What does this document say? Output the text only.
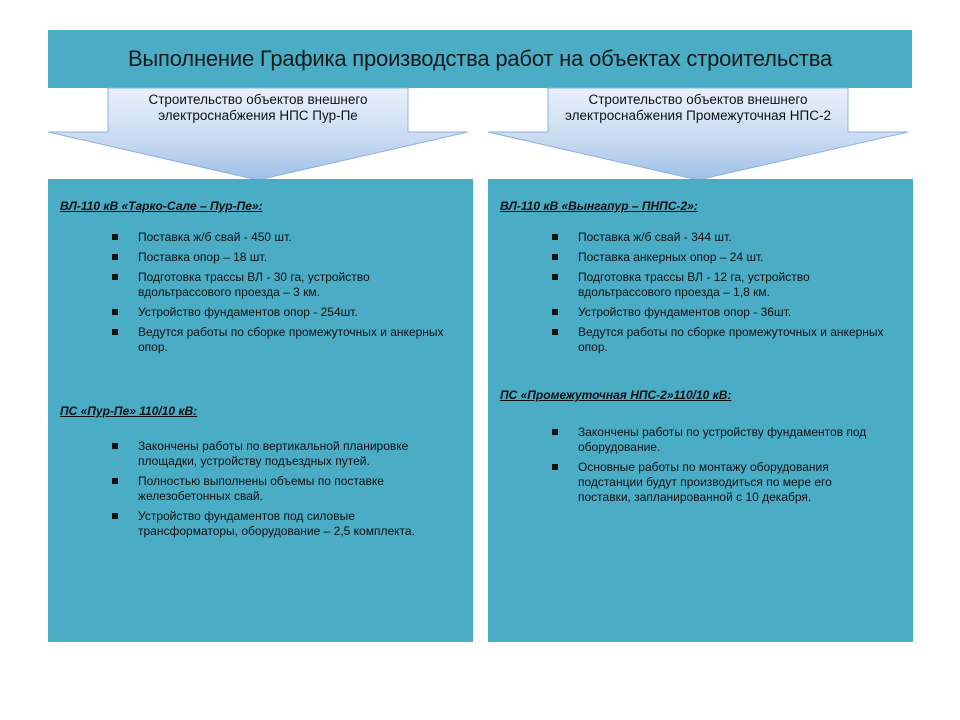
Выполнение Графика производства работ на объектах строительства
Строительство объектов внешнего электроснабжения НПС Пур-Пе
Строительство объектов внешнего электроснабжения Промежуточная НПС-2
ВЛ-110 кВ «Тарко-Сале – Пур-Пе»:
Поставка ж/б свай - 450 шт.
Поставка опор – 18 шт.
Подготовка трассы ВЛ - 30 га, устройство вдольтрассового проезда – 3 км.
Устройство фундаментов опор - 254шт.
Ведутся работы по сборке промежуточных и анкерных опор.
ПС «Пур-Пе» 110/10 кВ:
Закончены работы по вертикальной планировке площадки, устройству подъездных путей.
Полностью выполнены объемы по поставке железобетонных свай.
Устройство фундаментов под силовые трансформаторы, оборудование – 2,5 комплекта.
ВЛ-110 кВ «Вынгапур – ПНПС-2»:
Поставка ж/б свай - 344 шт.
Поставка анкерных опор – 24 шт.
Подготовка трассы ВЛ - 12 га, устройство вдольтрассового проезда – 1,8 км.
Устройство фундаментов опор - 36шт.
Ведутся работы по сборке промежуточных и анкерных опор.
ПС «Промежуточная НПС-2»110/10 кВ:
Закончены работы по устройству фундаментов под оборудование.
Основные работы по монтажу оборудования подстанции будут производиться по мере его поставки, запланированной с 10 декабря.
